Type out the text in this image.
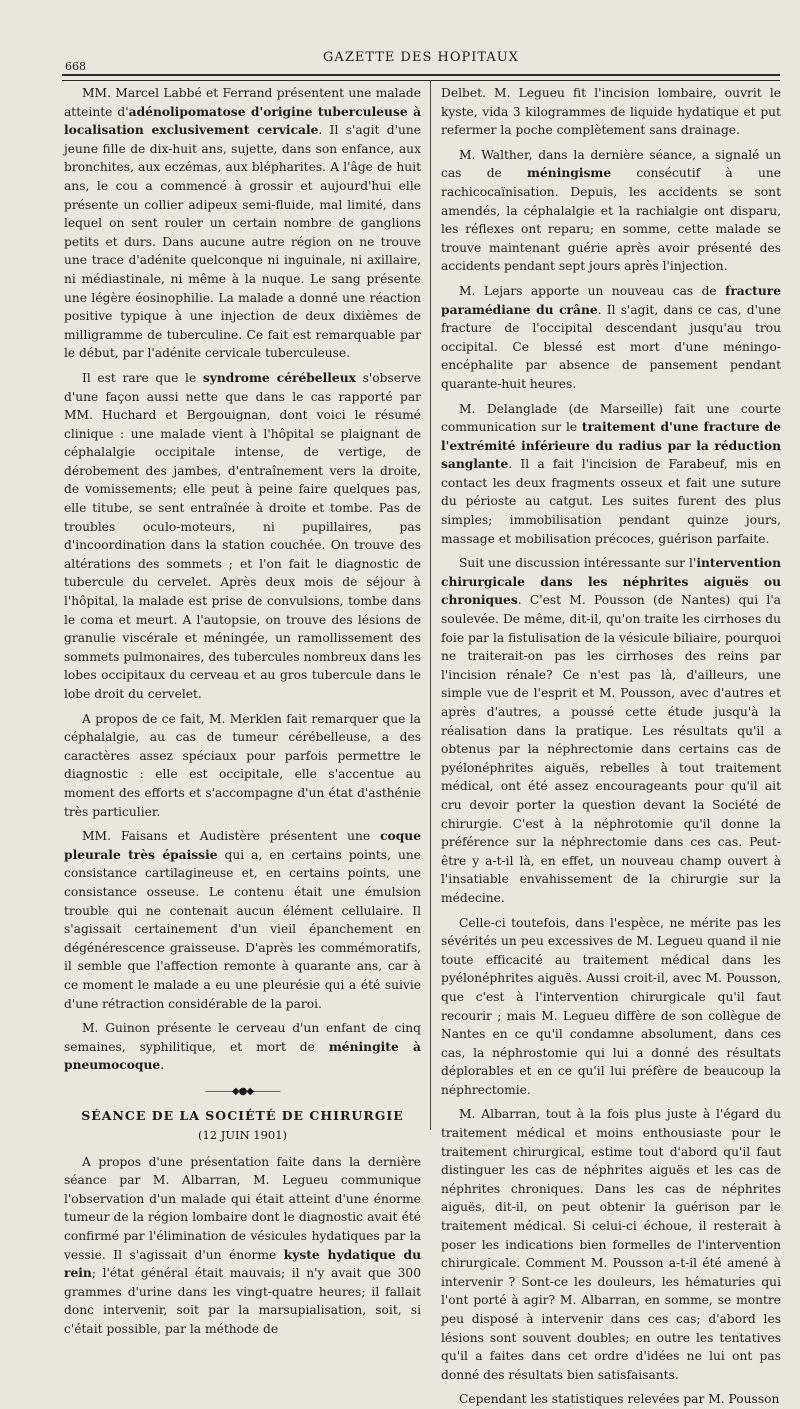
668
GAZETTE DES HOPITAUX

MM. Marcel Labbé et Ferrand présentent une malade atteinte d'adénolipomatose d'origine tuberculeuse à localisation exclusivement cervicale. Il s'agit d'une jeune fille de dix-huit ans, sujette, dans son enfance, aux bronchites, aux eczémas, aux blépharites. A l'âge de huit ans, le cou a commencé à grossir et aujourd'hui elle présente un collier adipeux semi-fluide, mal limité, dans lequel on sent rouler un certain nombre de ganglions petits et durs. Dans aucune autre région on ne trouve une trace d'adénite quelconque ni inguinale, ni axillaire, ni médiastinale, ni même à la nuque. Le sang présente une légère éosinophilie. La malade a donné une réaction positive typique à une injection de deux dixièmes de milligramme de tuberculine. Ce fait est remarquable par le début, par l'adénite cervicale tuberculeuse.

Il est rare que le syndrome cérébelleux s'observe d'une façon aussi nette que dans le cas rapporté par MM. Huchard et Bergouignan, dont voici le résumé clinique : une malade vient à l'hôpital se plaignant de céphalalgie occipitale intense, de vertige, de dérobement des jambes, d'entraînement vers la droite, de vomissements; elle peut à peine faire quelques pas, elle titube, se sent entraînée à droite et tombe. Pas de troubles oculo-moteurs, ni pupillaires, pas d'incoordination dans la station couchée. On trouve des altérations des sommets ; et l'on fait le diagnostic de tubercule du cervelet. Après deux mois de séjour à l'hôpital, la malade est prise de convulsions, tombe dans le coma et meurt. A l'autopsie, on trouve des lésions de granulie viscérale et méningée, un ramollissement des sommets pulmonaires, des tubercules nombreux dans les lobes occipitaux du cerveau et au gros tubercule dans le lobe droit du cervelet.

A propos de ce fait, M. Merklen fait remarquer que la céphalalgie, au cas de tumeur cérébelleuse, a des caractères assez spéciaux pour parfois permettre le diagnostic : elle est occipitale, elle s'accentue au moment des efforts et s'accompagne d'un état d'asthénie très particulier.

MM. Faisans et Audistère présentent une coque pleurale très épaissie qui a, en certains points, une consistance cartilagineuse et, en certains points, une consistance osseuse. Le contenu était une émulsion trouble qui ne contenait aucun élément cellulaire. Il s'agissait certainement d'un vieil épanchement en dégénérescence graisseuse. D'après les commémoratifs, il semble que l'affection remonte à quarante ans, car à ce moment le malade a eu une pleurésie qui a été suivie d'une rétraction considérable de la paroi.

M. Guinon présente le cerveau d'un enfant de cinq semaines, syphilitique, et mort de méningite à pneumocoque.

———◆●◆———
SÉANCE DE LA SOCIÉTÉ DE CHIRURGIE
(12 JUIN 1901)

A propos d'une présentation faite dans la dernière séance par M. Albarran, M. Legueu communique l'observation d'un malade qui était atteint d'une énorme tumeur de la région lombaire dont le diagnostic avait été confirmé par l'élimination de vésicules hydatiques par la vessie. Il s'agissait d'un énorme kyste hydatique du rein; l'état général était mauvais; il n'y avait que 300 grammes d'urine dans les vingt-quatre heures; il fallait donc intervenir, soit par la marsupialisation, soit, si c'était possible, par la méthode de

Delbet. M. Legueu fit l'incision lombaire, ouvrit le kyste, vida 3 kilogrammes de liquide hydatique et put refermer la poche complètement sans drainage.

M. Walther, dans la dernière séance, a signalé un cas de méningisme consécutif à une rachicocaïnisation. Depuis, les accidents se sont amendés, la céphalalgie et la rachialgie ont disparu, les réflexes ont reparu; en somme, cette malade se trouve maintenant guérie après avoir présenté des accidents pendant sept jours après l'injection.

M. Lejars apporte un nouveau cas de fracture paramédiane du crâne. Il s'agit, dans ce cas, d'une fracture de l'occipital descendant jusqu'au trou occipital. Ce blessé est mort d'une méningo-encéphalite par absence de pansement pendant quarante-huit heures.

M. Delanglade (de Marseille) fait une courte communication sur le traitement d'une fracture de l'extrémité inférieure du radius par la réduction sanglante. Il a fait l'incision de Farabeuf, mis en contact les deux fragments osseux et fait une suture du périoste au catgut. Les suites furent des plus simples; immobilisation pendant quinze jours, massage et mobilisation précoces, guérison parfaite.

Suit une discussion intéressante sur l'intervention chirurgicale dans les néphrites aiguës ou chroniques. C'est M. Pousson (de Nantes) qui l'a soulevée. De même, dit-il, qu'on traite les cirrhoses du foie par la fistulisation de la vésicule biliaire, pourquoi ne traiterait-on pas les cirrhoses des reins par l'incision rénale? Ce n'est pas là, d'ailleurs, une simple vue de l'esprit et M. Pousson, avec d'autres et après d'autres, a poussé cette étude jusqu'à la réalisation dans la pratique. Les résultats qu'il a obtenus par la néphrectomie dans certains cas de pyélonéphrites aiguës, rebelles à tout traitement médical, ont été assez encourageants pour qu'il ait cru devoir porter la question devant la Société de chirurgie. C'est à la néphrotomie qu'il donne la préférence sur la néphrectomie dans ces cas. Peut-être y a-t-il là, en effet, un nouveau champ ouvert à l'insatiable envahissement de la chirurgie sur la médecine.

Celle-ci toutefois, dans l'espèce, ne mérite pas les sévérités un peu excessives de M. Legueu quand il nie toute efficacité au traitement médical dans les pyélonéphrites aiguës. Aussi croit-il, avec M. Pousson, que c'est à l'intervention chirurgicale qu'il faut recourir ; mais M. Legueu diffère de son collègue de Nantes en ce qu'il condamne absolument, dans ces cas, la néphrostomie qui lui a donné des résultats déplorables et en ce qu'il lui préfère de beaucoup la néphrectomie.

M. Albarran, tout à la fois plus juste à l'égard du traitement médical et moins enthousiaste pour le traitement chirurgical, estime tout d'abord qu'il faut distinguer les cas de néphrites aiguës et les cas de néphrites chroniques. Dans les cas de néphrites aiguës, dit-il, on peut obtenir la guérison par le traitement médical. Si celui-ci échoue, il resterait à poser les indications bien formelles de l'intervention chirurgicale. Comment M. Pousson a-t-il été amené à intervenir ? Sont-ce les douleurs, les hématuries qui l'ont porté à agir? M. Albarran, en somme, se montre peu disposé à intervenir dans ces cas; d'abord les lésions sont souvent doubles; en outre les tentatives qu'il a faites dans cet ordre d'idées ne lui ont pas donné des résultats bien satisfaisants.

Cependant les statistiques relevées par M. Pousson
